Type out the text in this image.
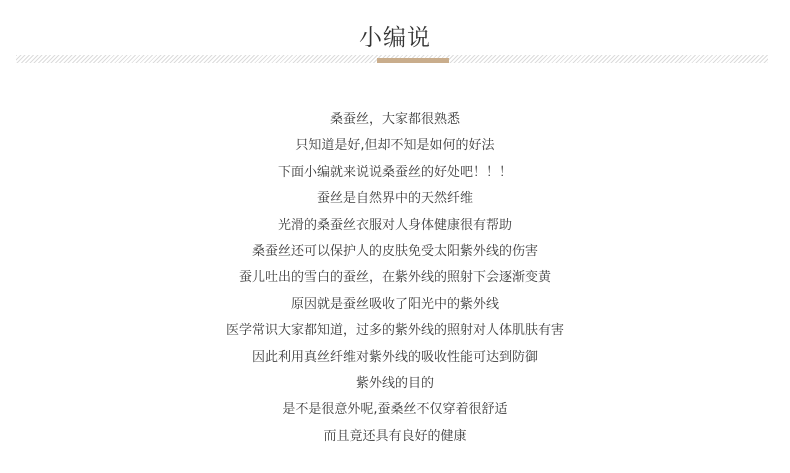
小编说
桑蚕丝，大家都很熟悉
只知道是好,但却不知是如何的好法
下面小编就来说说桑蚕丝的好处吧！！！
蚕丝是自然界中的天然纤维
光滑的桑蚕丝衣服对人身体健康很有帮助
桑蚕丝还可以保护人的皮肤免受太阳紫外线的伤害
蚕儿吐出的雪白的蚕丝，在紫外线的照射下会逐渐变黄
原因就是蚕丝吸收了阳光中的紫外线
医学常识大家都知道，过多的紫外线的照射对人体肌肤有害
因此利用真丝纤维对紫外线的吸收性能可达到防御
紫外线的目的
是不是很意外呢,蚕桑丝不仅穿着很舒适
而且竟还具有良好的健康
